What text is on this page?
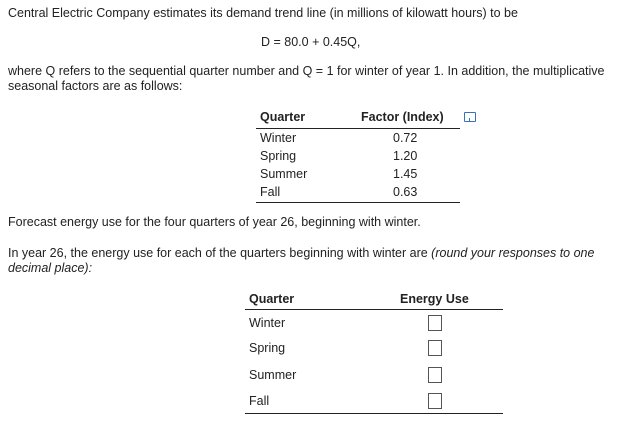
Central Electric Company estimates its demand trend line (in millions of kilowatt hours) to be
D = 80.0 + 0.45Q,
where Q refers to the sequential quarter number and Q = 1 for winter of year 1. In addition, the multiplicative
seasonal factors are as follows:
Quarter	Factor (Index)
Winter	0.72
Spring	1.20
Summer	1.45
Fall	0.63
Forecast energy use for the four quarters of year 26, beginning with winter.
In year 26, the energy use for each of the quarters beginning with winter are (round your responses to one
decimal place):
Quarter	Energy Use
Winter
Spring
Summer
Fall
